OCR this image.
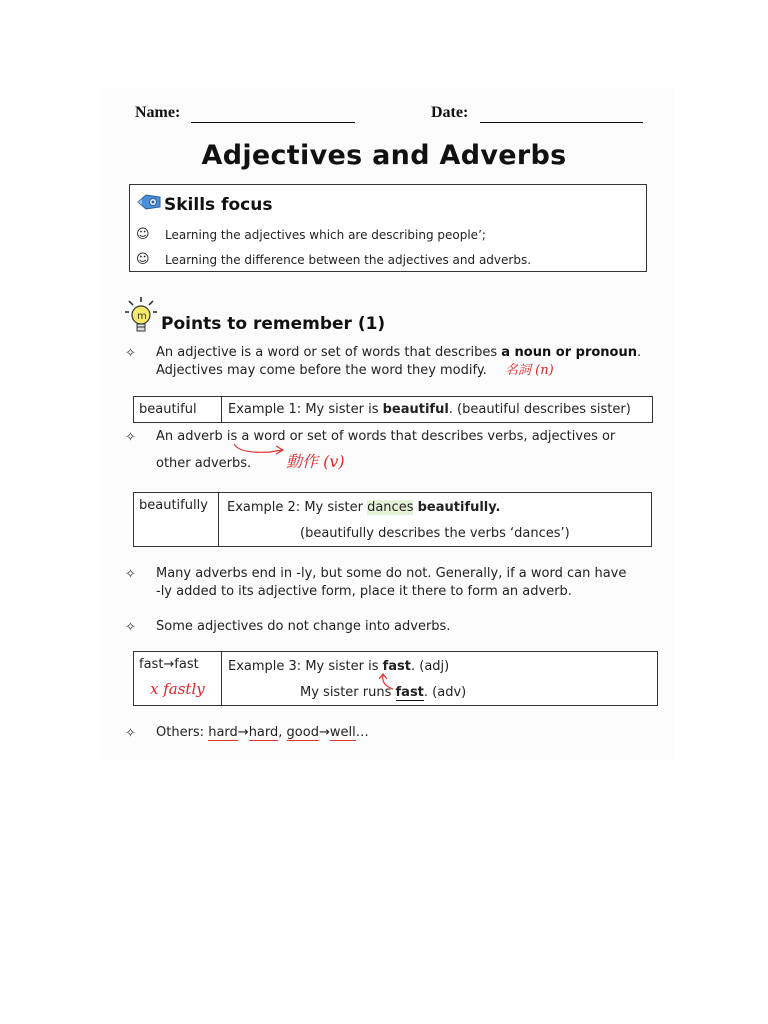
Name:	Date:
Adjectives and Adverbs
Skills focus
☺ Learning the adjectives which are describing people’;
☺ Learning the difference between the adjectives and adverbs.
m Points to remember (1)
✧ An adjective is a word or set of words that describes a noun or pronoun.
Adjectives may come before the word they modify. 名詞 (n)
beautiful	Example 1: My sister is beautiful. (beautiful describes sister)
✧ An adverb is a word or set of words that describes verbs, adjectives or
other adverbs. 動作 (v)
beautifully	Example 2: My sister dances beautifully.
(beautifully describes the verbs ‘dances’)
✧ Many adverbs end in -ly, but some do not. Generally, if a word can have
-ly added to its adjective form, place it there to form an adverb.
✧ Some adjectives do not change into adverbs.
fast→fast	Example 3: My sister is fast. (adj)
My sister runs fast. (adv)
x fastly
✧ Others: hard→hard, good→well…
